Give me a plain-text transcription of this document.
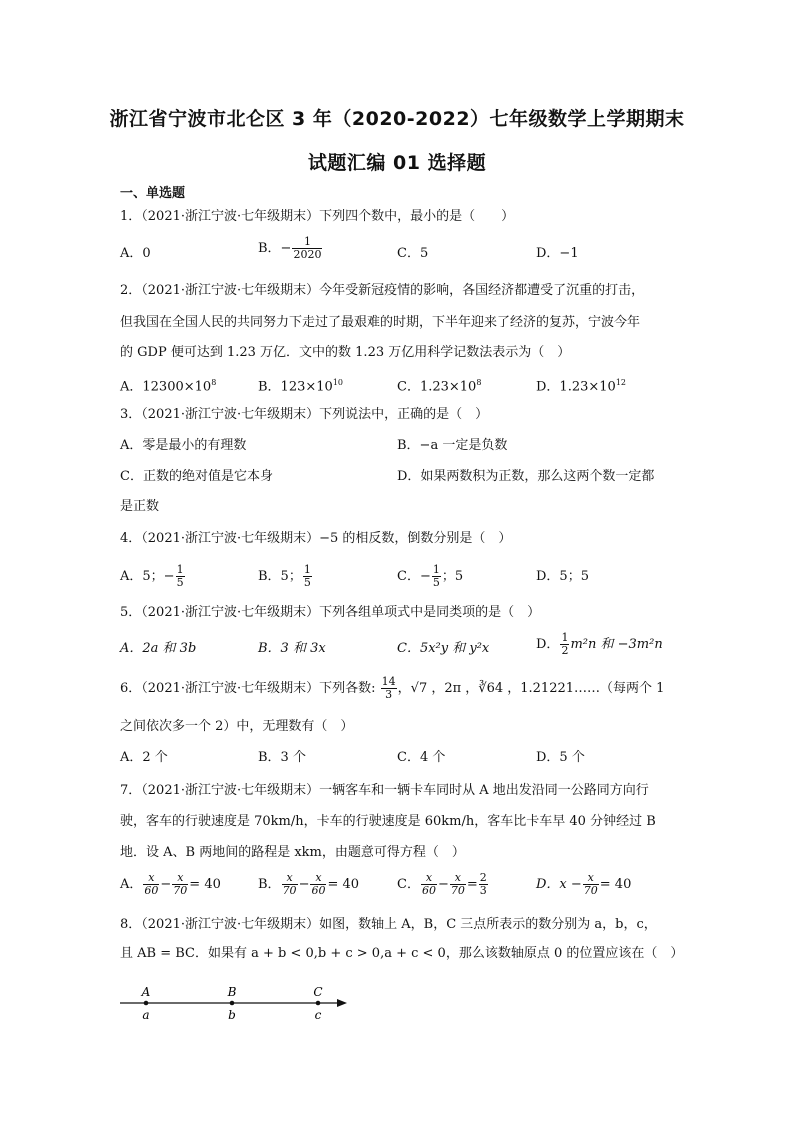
浙江省宁波市北仑区 3 年（2020-2022）七年级数学上学期期末
试题汇编 01 选择题
一、单选题
1．（2021·浙江宁波·七年级期末）下列四个数中，最小的是（　　）
A．0	B．− $\frac{1}{2020}$	C．5	D．−1
2．（2021·浙江宁波·七年级期末）今年受新冠疫情的影响，各国经济都遭受了沉重的打击，
但我国在全国人民的共同努力下走过了最艰难的时期，下半年迎来了经济的复苏，宁波今年
的 GDP 便可达到 1.23 万亿．文中的数 1.23 万亿用科学记数法表示为（　）
A．$12300\times 10^8$	B．$123\times 10^{10}$	C．$1.23\times 10^8$	D．$1.23\times 10^{12}$
3．（2021·浙江宁波·七年级期末）下列说法中，正确的是（　）
A．零是最小的有理数	B．−a 一定是负数
C．正数的绝对值是它本身	D．如果两数积为正数，那么这两个数一定都
是正数
4．（2021·浙江宁波·七年级期末）−5 的相反数，倒数分别是（　）
A．5；− $\frac{1}{5}$	B．5； $\frac{1}{5}$	C．− $\frac{1}{5}$ ；5	D．5；5
5．（2021·浙江宁波·七年级期末）下列各组单项式中是同类项的是（　）
A．2a 和 3b	B．3 和 3x	C．5x²y 和 y²x	D． $\frac{1}{2} m^2n$ 和 −3m²n
6．（2021·浙江宁波·七年级期末）下列各数: $\frac{14}{3}$ ，√7 ，2π ，∛64 ，1.21221……（每两个 1
之间依次多一个 2）中，无理数有（　）
A．2 个	B．3 个	C．4 个	D．5 个
7．（2021·浙江宁波·七年级期末）一辆客车和一辆卡车同时从 A 地出发沿同一公路同方向行
驶，客车的行驶速度是 70km/h，卡车的行驶速度是 60km/h，客车比卡车早 40 分钟经过 B
地．设 A、B 两地间的路程是 xkm，由题意可得方程（　）
A． $\frac{x}{60} - \frac{x}{70} = 40$	B． $\frac{x}{70} - \frac{x}{60} = 40$	C． $\frac{x}{60} - \frac{x}{70} = \frac{2}{3}$	D．$x - \frac{x}{70} = 40$
8．（2021·浙江宁波·七年级期末）如图，数轴上 A，B，C 三点所表示的数分别为 a，b，c，
且 AB = BC．如果有 a + b < 0,b + c > 0,a + c < 0，那么该数轴原点 0 的位置应该在（　）
A	B	C
a	b	c
